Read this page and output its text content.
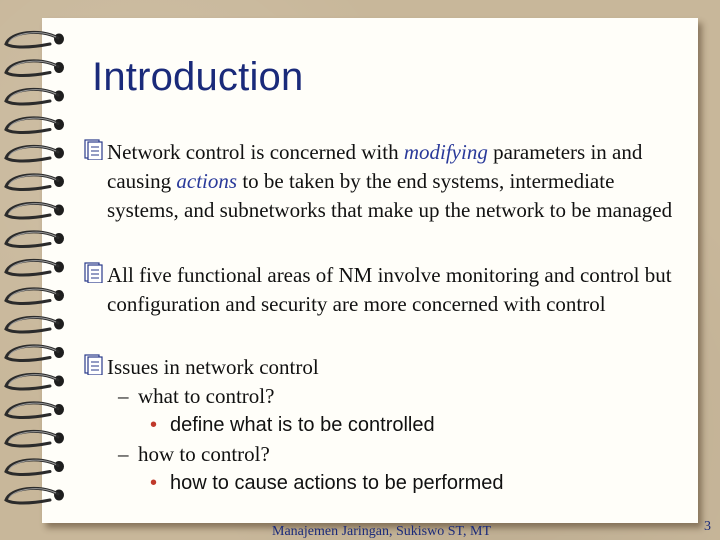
Introduction
Network control is concerned with modifying parameters in and causing actions to be taken by the end systems, intermediate systems, and subnetworks that make up the network to be managed
All five functional areas of NM involve monitoring and control but configuration and security are more concerned with control
Issues in network control
– what to control?
• define what is to be controlled
– how to control?
• how to cause actions to be performed
Manajemen Jaringan, Sukiswo ST, MT	3
